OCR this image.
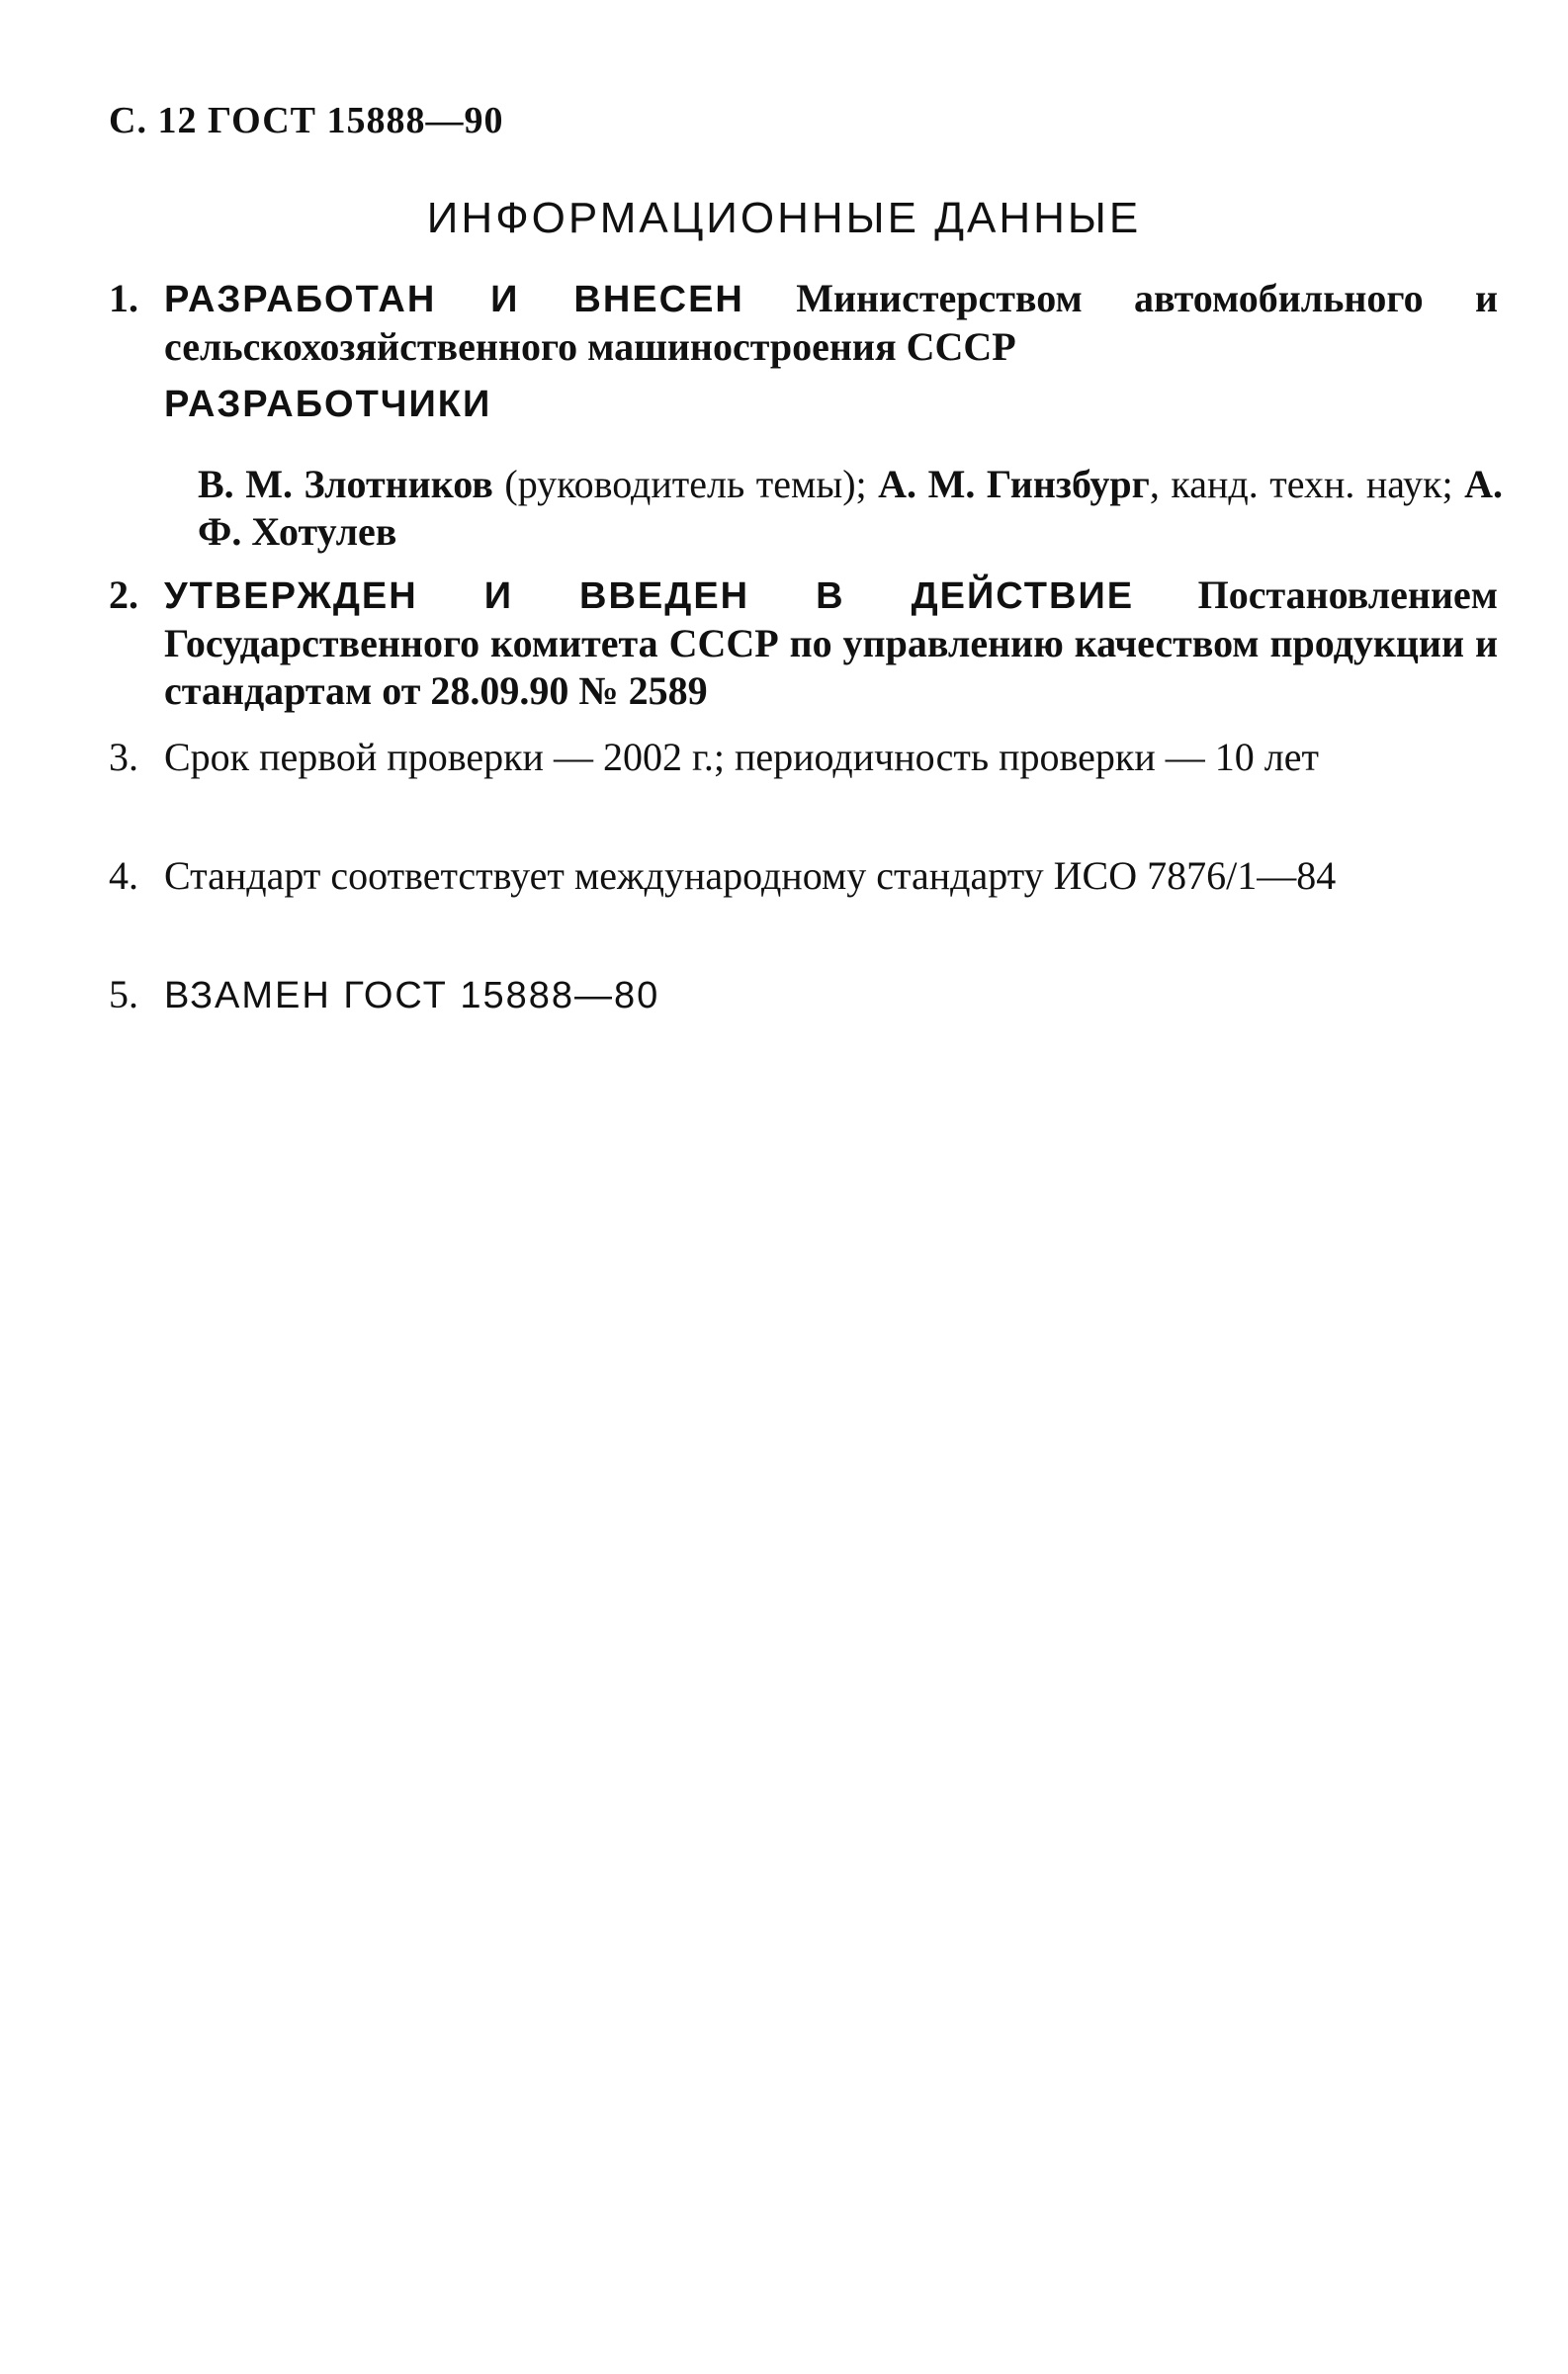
С. 12 ГОСТ 15888—90
ИНФОРМАЦИОННЫЕ ДАННЫЕ
1. РАЗРАБОТАН И ВНЕСЕН Министерством автомобильного и сельскохозяйственного машиностроения СССР
РАЗРАБОТЧИКИ
В. М. Злотников (руководитель темы); А. М. Гинзбург, канд. техн. наук; А. Ф. Хотулев
2. УТВЕРЖДЕН И ВВЕДЕН В ДЕЙСТВИЕ Постановлением Государственного комитета СССР по управлению качеством продукции и стандартам от 28.09.90 № 2589
3. Срок первой проверки — 2002 г.; периодичность проверки — 10 лет
4. Стандарт соответствует международному стандарту ИСО 7876/1—84
5. ВЗАМЕН ГОСТ 15888—80
